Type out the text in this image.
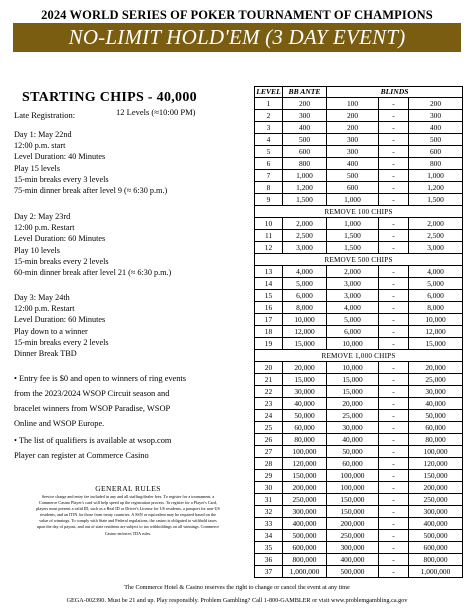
2024 WORLD SERIES OF POKER TOURNAMENT OF CHAMPIONS
NO-LIMIT HOLD'EM (3 DAY EVENT)
STARTING CHIPS - 40,000
Late Registration:	12 Levels (≈10:00 PM)
Day 1: May 22nd
12:00 p.m. start
Level Duration: 40 Minutes
Play 15 levels
15-min breaks every 3 levels
75-min dinner break after level 9 (≈ 6:30 p.m.)
Day 2: May 23rd
12:00 p.m. Restart
Level Duration: 60 Minutes
Play 10 levels
15-min breaks every 2 levels
60-min dinner break after level 21 (≈ 6:30 p.m.)
Day 3: May 24th
12:00 p.m. Restart
Level Duration: 60 Minutes
Play down to a winner
15-min breaks every 2 levels
Dinner Break TBD
• Entry fee is $0 and open to winners of ring events
from the 2023/2024 WSOP Circuit season and
bracelet winners from WSOP Paradise, WSOP
Online and WSOP Europe.
• The list of qualifiers is available at wsop.com
Player can register at Commerce Casino
GENERAL RULES
Service charge and entry fee included in any and all staffing/dealer fees. To register for a tournament, a
Commerce Casino Player's card will help speed up the registration process. To register for a Player's Card,
players must present a valid ID, such as a Real ID or Driver's License for US residents, a passport for non-US
residents, and an ITIN for those from treaty countries. A SSN or equivalent may be required based on the
value of winnings. To comply with State and Federal regulations, the casino is obligated to withhold taxes
upon the day of payout, and out of state residents are subject to tax withholdings on all winnings. Commerce
Casino enforces TDA rules.
LEVEL	BB ANTE	BLINDS		
1	200	100	-	200
2	300	200	-	300
3	400	200	-	400
4	500	300	-	500
5	600	300	-	600
6	800	400	-	800
7	1,000	500	-	1,000
8	1,200	600	-	1,200
9	1,500	1,000	-	1,500
REMOVE 100 CHIPS				
10	2,000	1,000	-	2,000
11	2,500	1,500	-	2,500
12	3,000	1,500	-	3,000
REMOVE 500 CHIPS				
13	4,000	2,000	-	4,000
14	5,000	3,000	-	5,000
15	6,000	3,000	-	6,000
16	8,000	4,000	-	8,000
17	10,000	5,000	-	10,000
18	12,000	6,000	-	12,000
19	15,000	10,000	-	15,000
REMOVE 1,000 CHIPS				
20	20,000	10,000	-	20,000
21	15,000	15,000	-	25,000
22	30,000	15,000	-	30,000
23	40,000	20,000	-	40,000
24	50,000	25,000	-	50,000
25	60,000	30,000	-	60,000
26	80,000	40,000	-	80,000
27	100,000	50,000	-	100,000
28	120,000	60,000	-	120,000
29	150,000	100,000	-	150,000
30	200,000	100,000	-	200,000
31	250,000	150,000	-	250,000
32	300,000	150,000	-	300,000
33	400,000	200,000	-	400,000
34	500,000	250,000	-	500,000
35	600,000	300,000	-	600,000
36	800,000	400,000	-	800,000
37	1,000,000	500,000	-	1,000,000
The Commerce Hotel & Casino reserves the right to change or cancel the event at any time
GEGA-002390. Must be 21 and up. Play responsibly. Problem Gambling? Call 1-800-GAMBLER or visit www.problemgambling.ca.gov
